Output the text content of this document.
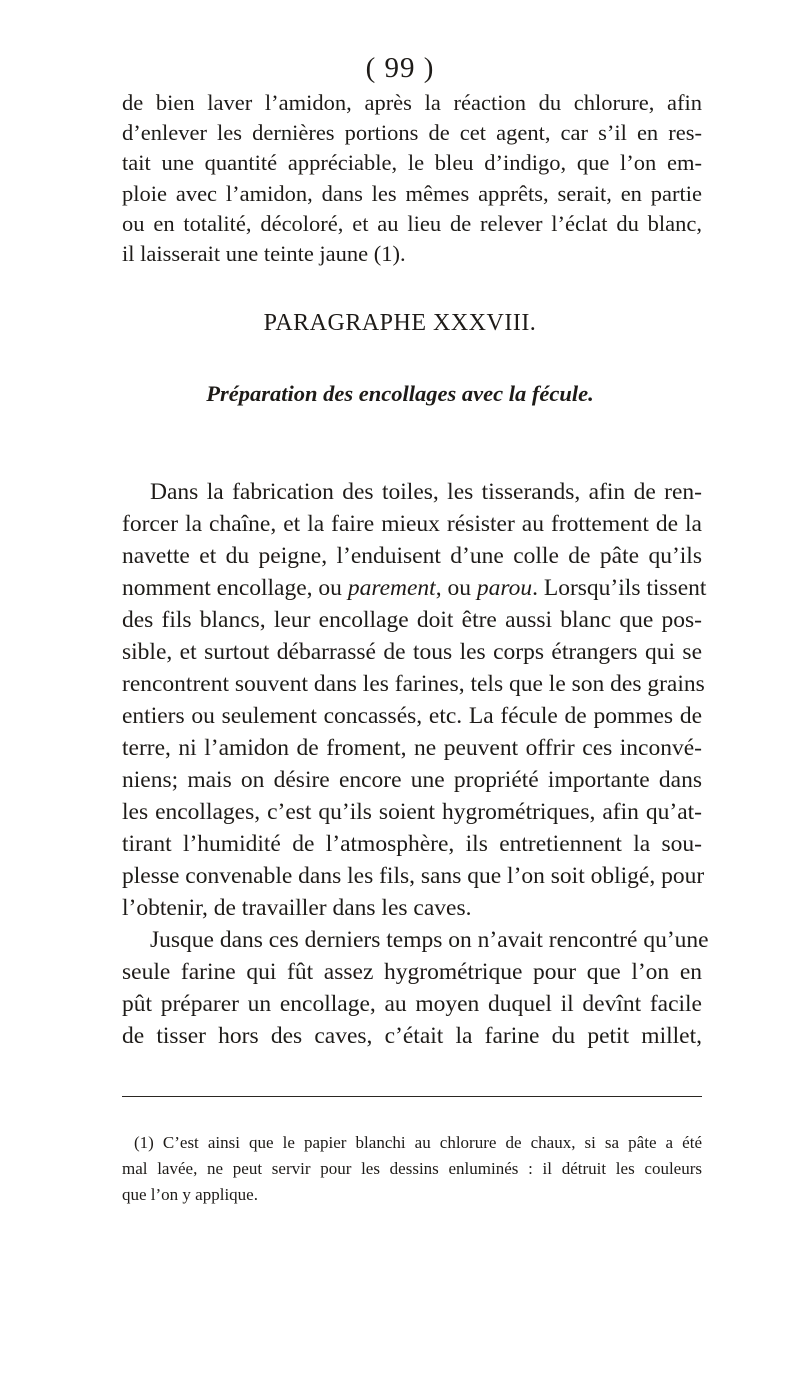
( 99 )
de bien laver l’amidon, après la réaction du chlorure, afin
d’enlever les dernières portions de cet agent, car s’il en res-
tait une quantité appréciable, le bleu d’indigo, que l’on em-
ploie avec l’amidon, dans les mêmes apprêts, serait, en partie
ou en totalité, décoloré, et au lieu de relever l’éclat du blanc,
il laisserait une teinte jaune (1).
PARAGRAPHE XXXVIII.
Préparation des encollages avec la fécule.
Dans la fabrication des toiles, les tisserands, afin de ren-
forcer la chaîne, et la faire mieux résister au frottement de la
navette et du peigne, l’enduisent d’une colle de pâte qu’ils
nomment encollage, ou parement, ou parou. Lorsqu’ils tissent
des fils blancs, leur encollage doit être aussi blanc que pos-
sible, et surtout débarrassé de tous les corps étrangers qui se
rencontrent souvent dans les farines, tels que le son des grains
entiers ou seulement concassés, etc. La fécule de pommes de
terre, ni l’amidon de froment, ne peuvent offrir ces inconvé-
niens; mais on désire encore une propriété importante dans
les encollages, c’est qu’ils soient hygrométriques, afin qu’at-
tirant l’humidité de l’atmosphère, ils entretiennent la sou-
plesse convenable dans les fils, sans que l’on soit obligé, pour
l’obtenir, de travailler dans les caves.
Jusque dans ces derniers temps on n’avait rencontré qu’une
seule farine qui fût assez hygrométrique pour que l’on en
pût préparer un encollage, au moyen duquel il devînt facile
de tisser hors des caves, c’était la farine du petit millet,
(1) C’est ainsi que le papier blanchi au chlorure de chaux, si sa pâte a été
mal lavée, ne peut servir pour les dessins enluminés : il détruit les couleurs
que l’on y applique.
